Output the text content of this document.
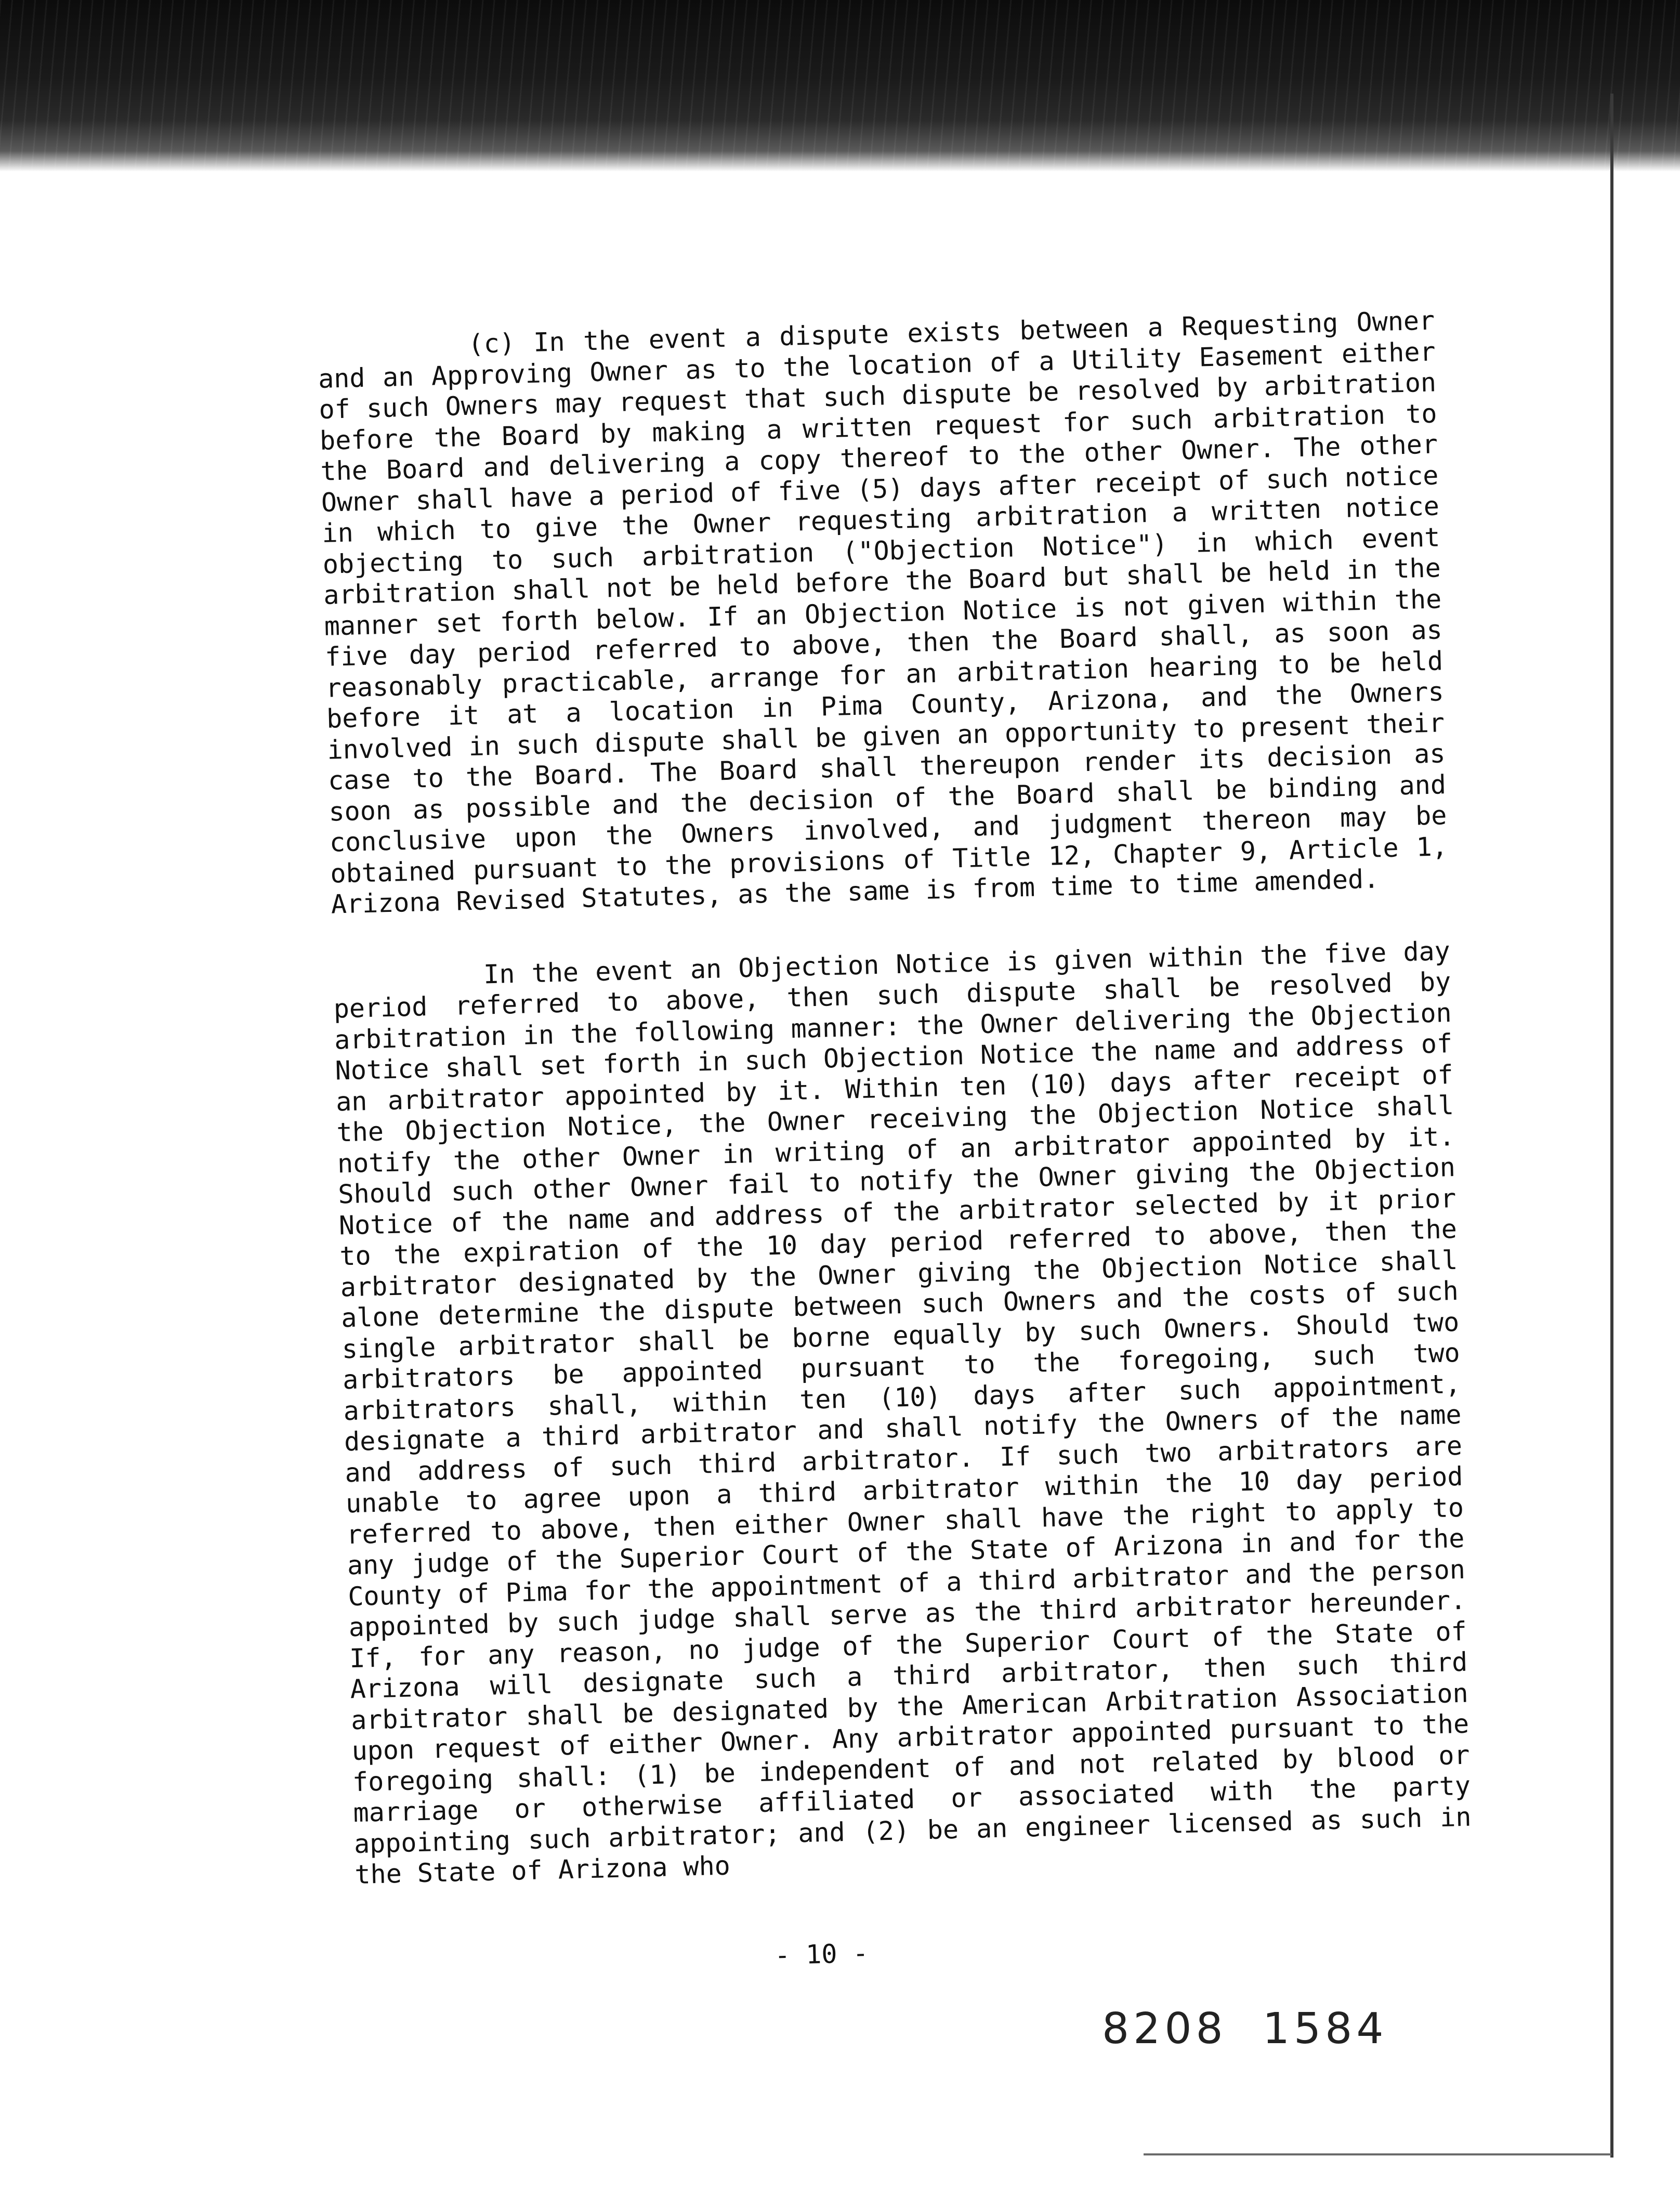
(c) In the event a dispute exists between a Requesting Owner and an Approving Owner as to the location of a Utility Easement either of such Owners may request that such dispute be resolved by arbitration before the Board by making a written request for such arbitration to the Board and delivering a copy thereof to the other Owner. The other Owner shall have a period of five (5) days after receipt of such notice in which to give the Owner requesting arbitration a written notice objecting to such arbitration ("Objection Notice") in which event arbitration shall not be held before the Board but shall be held in the manner set forth below. If an Objection Notice is not given within the five day period referred to above, then the Board shall, as soon as reasonably practicable, arrange for an arbitration hearing to be held before it at a location in Pima County, Arizona, and the Owners involved in such dispute shall be given an opportunity to present their case to the Board. The Board shall thereupon render its decision as soon as possible and the decision of the Board shall be binding and conclusive upon the Owners involved, and judgment thereon may be obtained pursuant to the provisions of Title 12, Chapter 9, Article 1, Arizona Revised Statutes, as the same is from time to time amended.

In the event an Objection Notice is given within the five day period referred to above, then such dispute shall be resolved by arbitration in the following manner: the Owner delivering the Objection Notice shall set forth in such Objection Notice the name and address of an arbitrator appointed by it. Within ten (10) days after receipt of the Objection Notice, the Owner receiving the Objection Notice shall notify the other Owner in writing of an arbitrator appointed by it. Should such other Owner fail to notify the Owner giving the Objection Notice of the name and address of the arbitrator selected by it prior to the expiration of the 10 day period referred to above, then the arbitrator designated by the Owner giving the Objection Notice shall alone determine the dispute between such Owners and the costs of such single arbitrator shall be borne equally by such Owners. Should two arbitrators be appointed pursuant to the foregoing, such two arbitrators shall, within ten (10) days after such appointment, designate a third arbitrator and shall notify the Owners of the name and address of such third arbitrator. If such two arbitrators are unable to agree upon a third arbitrator within the 10 day period referred to above, then either Owner shall have the right to apply to any judge of the Superior Court of the State of Arizona in and for the County of Pima for the appointment of a third arbitrator and the person appointed by such judge shall serve as the third arbitrator hereunder. If, for any reason, no judge of the Superior Court of the State of Arizona will designate such a third arbitrator, then such third arbitrator shall be designated by the American Arbitration Association upon request of either Owner. Any arbitrator appointed pursuant to the foregoing shall: (1) be independent of and not related by blood or marriage or otherwise affiliated or associated with the party appointing such arbitrator; and (2) be an engineer licensed as such in the State of Arizona who

- 10 -
8208  1584
